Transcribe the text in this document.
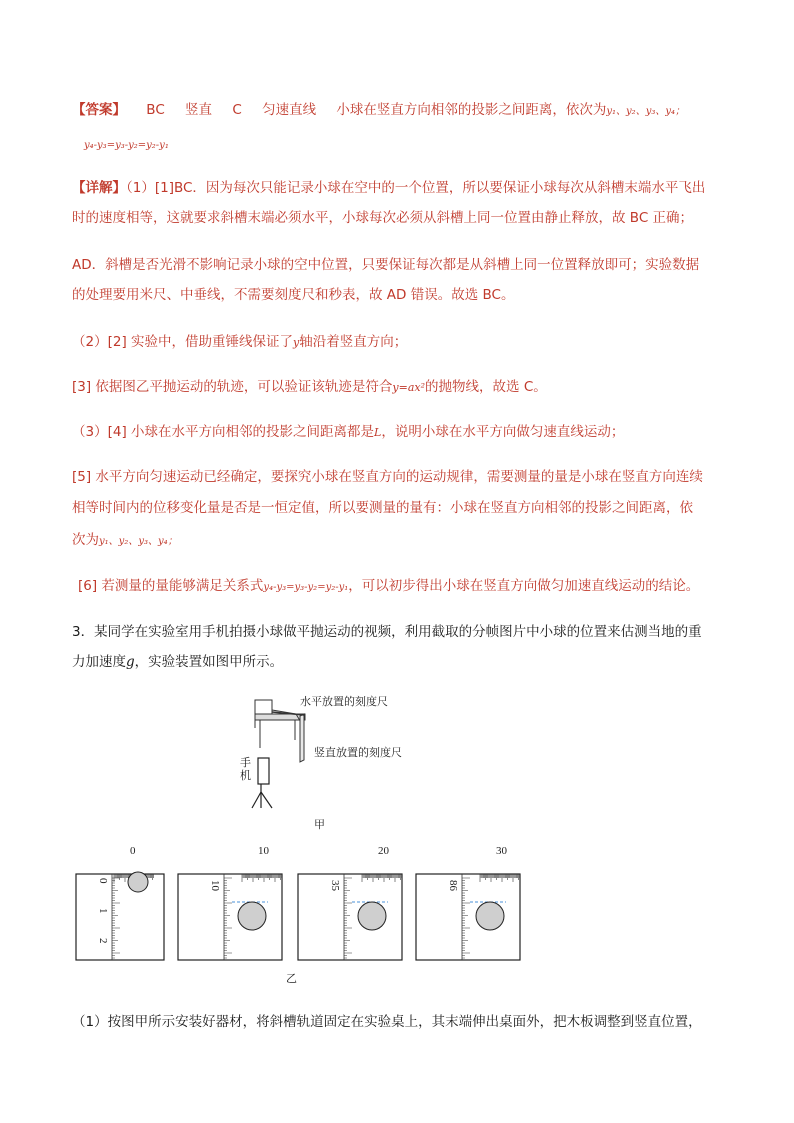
【答案】 BC 竖直 C 匀速直线 小球在竖直方向相邻的投影之间距离，依次为y₁、y₂、y₃、y₄；
y₄-y₃=y₃-y₂=y₂-y₁
【详解】（1）[1]BC．因为每次只能记录小球在空中的一个位置，所以要保证小球每次从斜槽末端水平飞出
时的速度相等，这就要求斜槽末端必须水平，小球每次必须从斜槽上同一位置由静止释放，故 BC 正确；
AD．斜槽是否光滑不影响记录小球的空中位置，只要保证每次都是从斜槽上同一位置释放即可；实验数据
的处理要用米尺、中垂线，不需要刻度尺和秒表，故 AD 错误。故选 BC。
（2）[2] 实验中，借助重锤线保证了y轴沿着竖直方向；
[3] 依据图乙平抛运动的轨迹，可以验证该轨迹是符合y=ax²的抛物线，故选 C。
（3）[4] 小球在水平方向相邻的投影之间距离都是L，说明小球在水平方向做匀速直线运动；
[5] 水平方向匀速运动已经确定，要探究小球在竖直方向的运动规律，需要测量的量是小球在竖直方向连续
相等时间内的位移变化量是否是一恒定值，所以要测量的量有：小球在竖直方向相邻的投影之间距离，依
次为y₁、y₂、y₃、y₄；
[6] 若测量的量能够满足关系式y₄-y₃=y₃-y₂=y₂-y₁，可以初步得出小球在竖直方向做匀加速直线运动的结论。
3．某同学在实验室用手机拍摄小球做平抛运动的视频，利用截取的分帧图片中小球的位置来估测当地的重
力加速度g，实验装置如图甲所示。
水平放置的刻度尺
竖直放置的刻度尺
手
机
甲
0
0
1
2
10
10
20
35
30
86
乙
（1）按图甲所示安装好器材，将斜槽轨道固定在实验桌上，其末端伸出桌面外，把木板调整到竖直位置，
